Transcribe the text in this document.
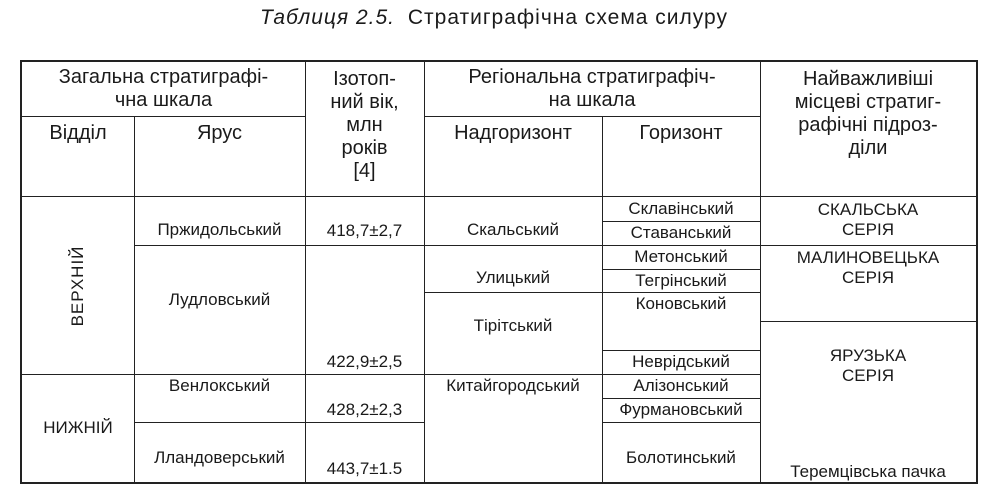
Таблиця 2.5. Стратиграфічна схема силуру
Загальна стратиграфі-
чна шкала
Відділ	Ярус
Ізотоп-
ний вік,
млн
років
[4]
Регіональна стратиграфіч-
на шкала
Надгоризонт	Горизонт
Найважливіші
місцеві стратиг-
рафічні підроз-
діли
ВЕРХНІЙ
НИЖНІЙ
Пржидольський
Лудловський
Венлокський
Лландоверський
418,7±2,7
422,9±2,5
428,2±2,3
443,7±1.5
Скальський
Улицький
Тірітський
Китайгородський
Склавінський
Ставанський
Метонський
Тегрінський
Коновський
Неврідський
Алізонський
Фурмановський
Болотинський
СКАЛЬСЬКА
СЕРІЯ
МАЛИНОВЕЦЬКА
СЕРІЯ
ЯРУЗЬКА
СЕРІЯ
Теремцівська пачка
